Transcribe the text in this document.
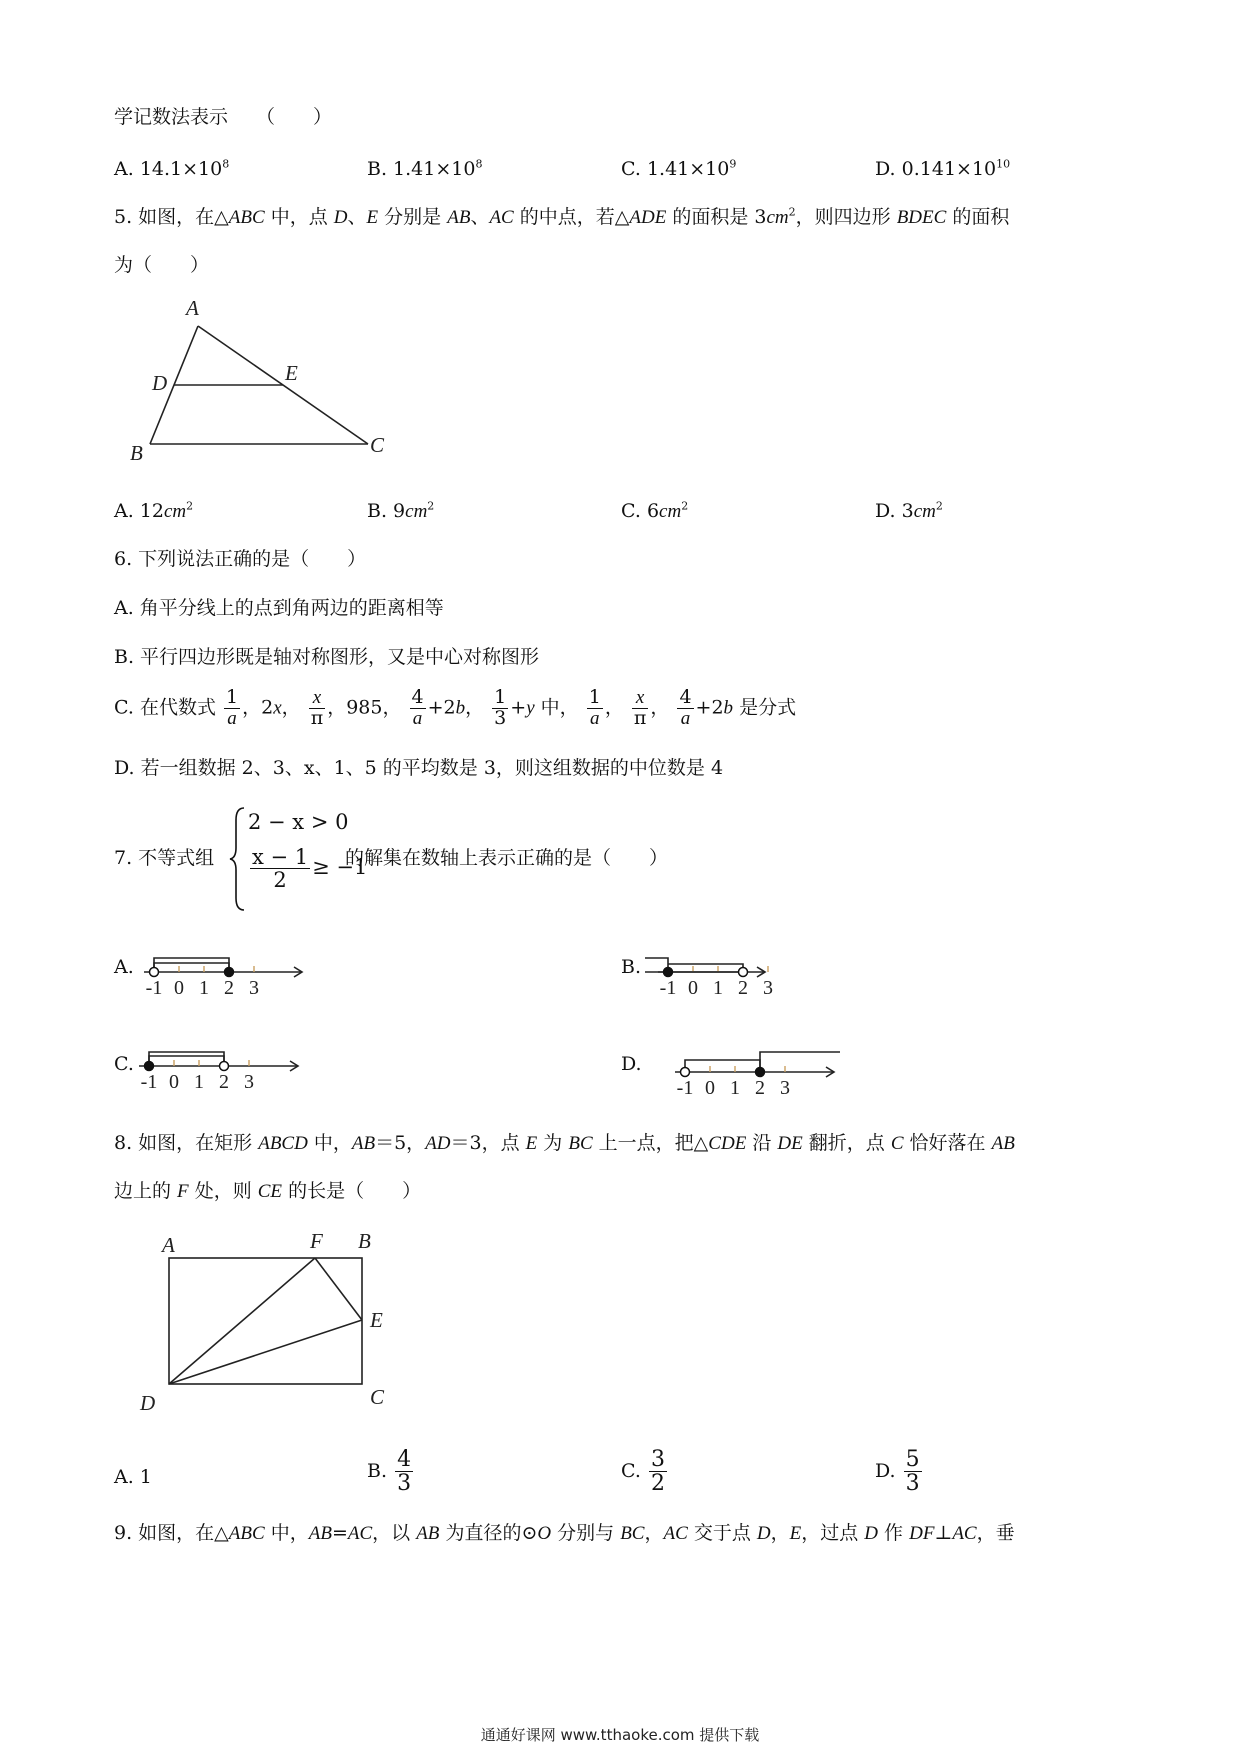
学记数法表示 （　　）
A. $14.1\times 10^8$	B. $1.41\times 10^8$	C. $1.41\times 10^9$	D. $0.141\times 10^{10}$
5. 如图，在△ABC 中，点 D、E 分别是 AB、AC 的中点，若△ADE 的面积是 $3cm^2$，则四边形 BDEC 的面积
为（　　）
A
B	C
D	E
A. $12cm^2$	B. $9cm^2$	C. $6cm^2$	D. $3cm^2$
6. 下列说法正确的是（　　）
A. 角平分线上的点到角两边的距离相等
B. 平行四边形既是轴对称图形，又是中心对称图形
C. 在代数式 $\frac{1}{a}$ ，2x， $\frac{x}{\pi}$ ，985， $\frac{4}{a} +2b$， $\frac{1}{3} +y$ 中， $\frac{1}{a}$ ， $\frac{x}{\pi}$ ， $\frac{4}{a} +2b$ 是分式
D. 若一组数据 2、3、x、1、5 的平均数是 3，则这组数据的中位数是 4
7. 不等式组
2 − x > 0
$\frac{x - 1}{2} \ge -1$
的解集在数轴上表示正确的是（　　）
A.	B.
C.	D.
-1 0 1 2 3	-1 0 1 2 3
-1 0 1 2 3	-1 0 1 2 3
8. 如图，在矩形 ABCD 中，AB＝5，AD＝3，点 E 为 BC 上一点，把△CDE 沿 DE 翻折，点 C 恰好落在 AB
边上的 F 处，则 CE 的长是（　　）
A	F B
E
C
D
A. 1	B. $\frac{4}{3}$	C. $\frac{3}{2}$	D. $\frac{5}{3}$
9. 如图，在△ABC 中，AB=AC，以 AB 为直径的⊙O 分别与 BC，AC 交于点 D，E，过点 D 作 DF⊥AC，垂
通通好课网 www.tthaoke.com 提供下载
